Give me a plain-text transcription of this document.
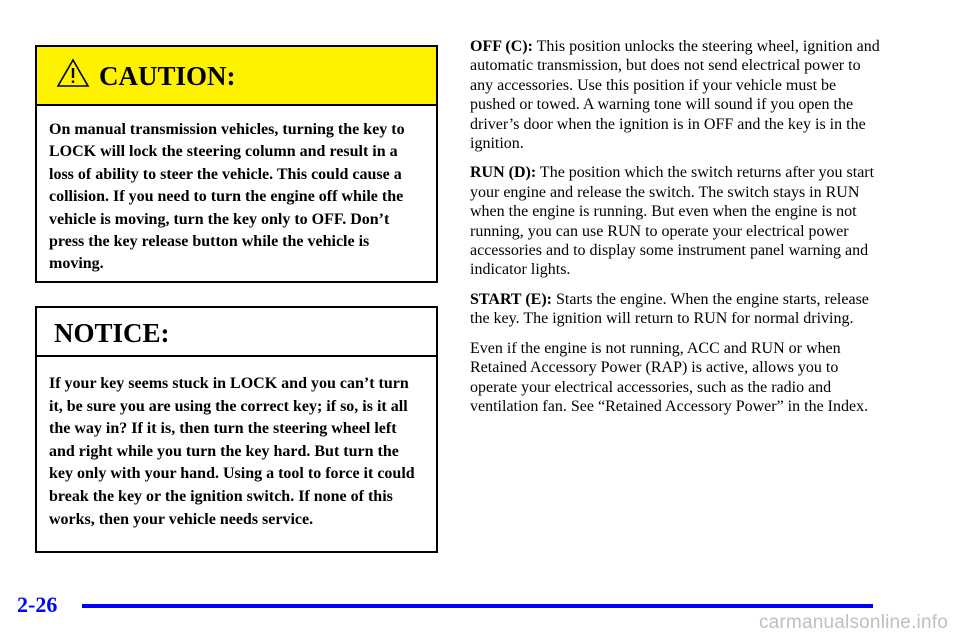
CAUTION:
On manual transmission vehicles, turning the key to LOCK will lock the steering column and result in a loss of ability to steer the vehicle. This could cause a collision. If you need to turn the engine off while the vehicle is moving, turn the key only to OFF. Don’t press the key release button while the vehicle is moving.
NOTICE:
If your key seems stuck in LOCK and you can’t turn it, be sure you are using the correct key; if so, is it all the way in? If it is, then turn the steering wheel left and right while you turn the key hard. But turn the key only with your hand. Using a tool to force it could break the key or the ignition switch. If none of this works, then your vehicle needs service.

OFF (C): This position unlocks the steering wheel, ignition and automatic transmission, but does not send electrical power to any accessories. Use this position if your vehicle must be pushed or towed. A warning tone will sound if you open the driver’s door when the ignition is in OFF and the key is in the ignition.

RUN (D): The position which the switch returns after you start your engine and release the switch. The switch stays in RUN when the engine is running. But even when the engine is not running, you can use RUN to operate your electrical power accessories and to display some instrument panel warning and indicator lights.

START (E): Starts the engine. When the engine starts, release the key. The ignition will return to RUN for normal driving.

Even if the engine is not running, ACC and RUN or when Retained Accessory Power (RAP) is active, allows you to operate your electrical accessories, such as the radio and ventilation fan. See “Retained Accessory Power” in the Index.

2-26
carmanualsonline.info
